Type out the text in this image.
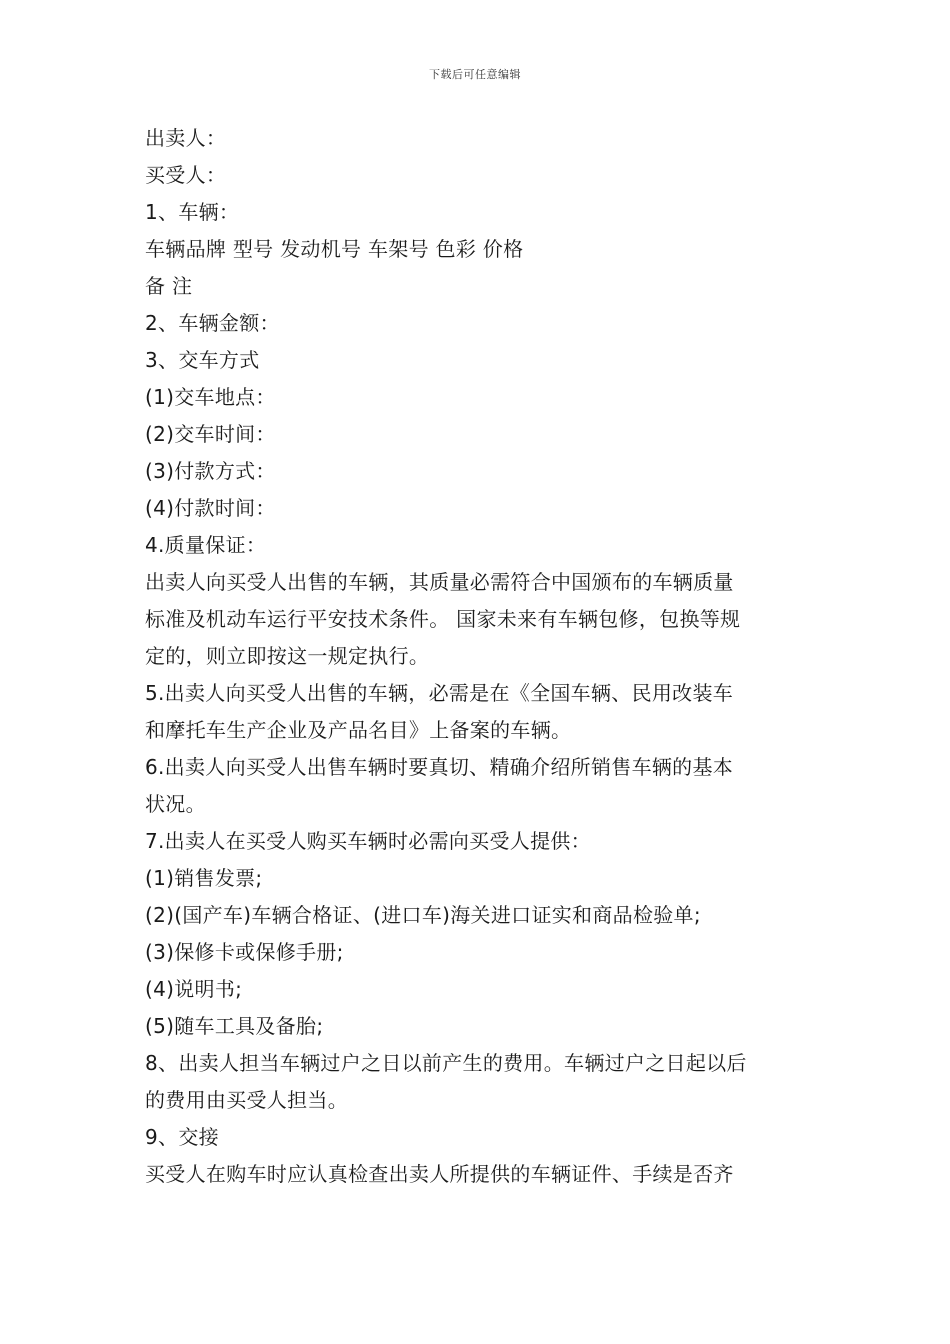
下载后可任意编辑
出卖人：
买受人：
1、车辆：
车辆品牌 型号 发动机号 车架号 色彩 价格
备 注
2、车辆金额：
3、交车方式
(1)交车地点：
(2)交车时间：
(3)付款方式：
(4)付款时间：
4.质量保证：
出卖人向买受人出售的车辆，其质量必需符合中国颁布的车辆质量
标准及机动车运行平安技术条件。 国家未来有车辆包修，包换等规
定的，则立即按这一规定执行。
5.出卖人向买受人出售的车辆，必需是在《全国车辆、民用改装车
和摩托车生产企业及产品名目》上备案的车辆。
6.出卖人向买受人出售车辆时要真切、精确介绍所销售车辆的基本
状况。
7.出卖人在买受人购买车辆时必需向买受人提供：
(1)销售发票;
(2)(国产车)车辆合格证、(进口车)海关进口证实和商品检验单;
(3)保修卡或保修手册;
(4)说明书;
(5)随车工具及备胎;
8、出卖人担当车辆过户之日以前产生的费用。车辆过户之日起以后
的费用由买受人担当。
9、交接
买受人在购车时应认真检查出卖人所提供的车辆证件、手续是否齐
